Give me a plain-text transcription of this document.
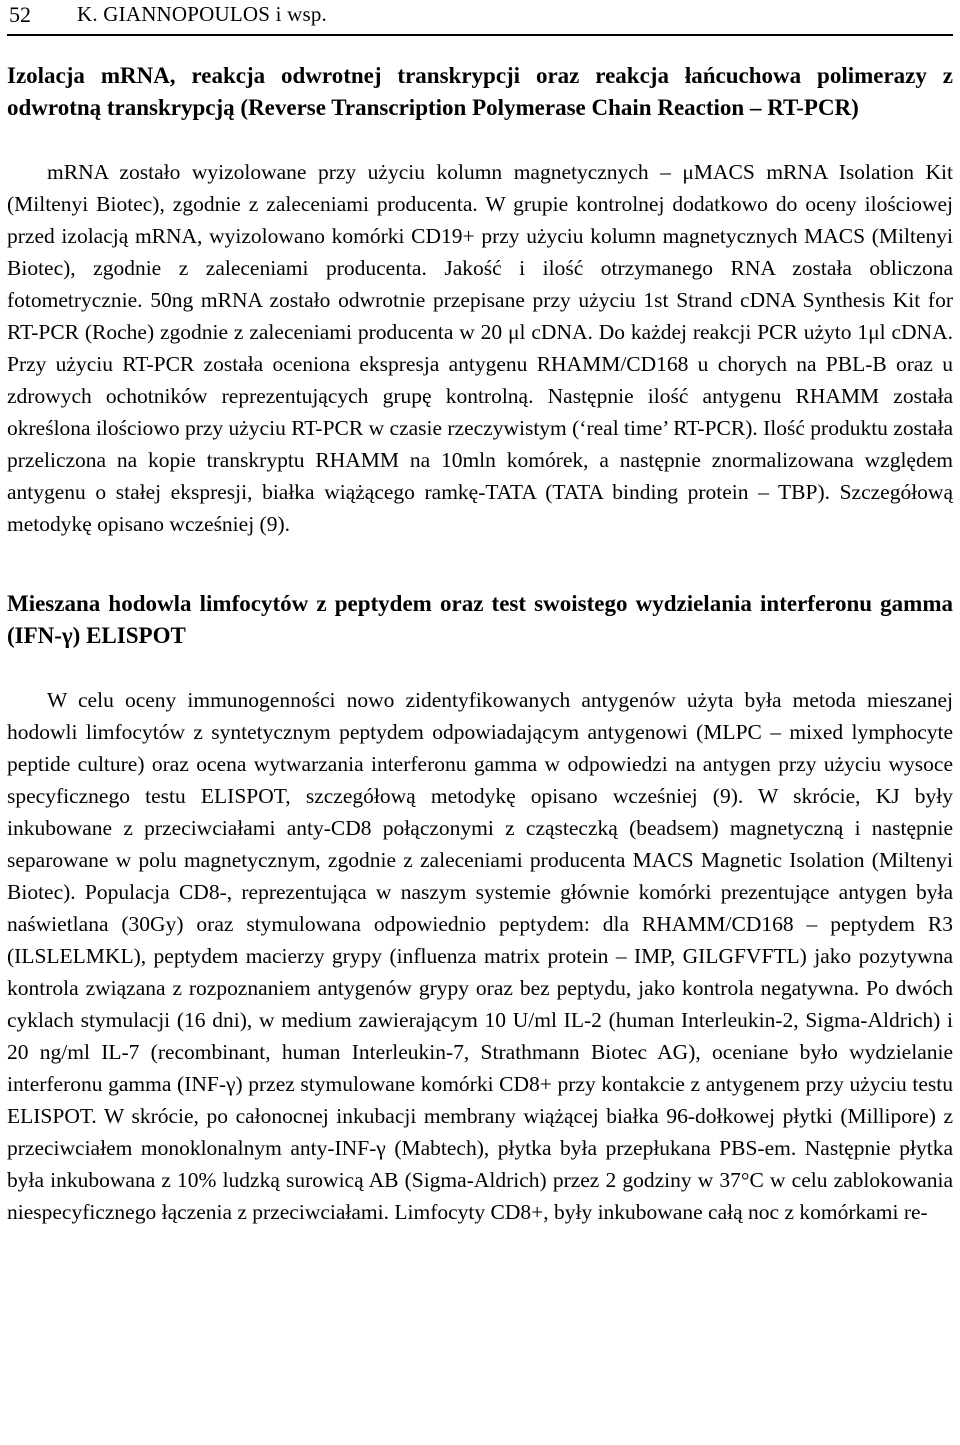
52 K. GIANNOPOULOS i wsp.
Izolacja mRNA, reakcja odwrotnej transkrypcji oraz reakcja łańcuchowa polimerazy z odwrotną transkrypcją (Reverse Transcription Polymerase Chain Reaction – RT-PCR)

mRNA zostało wyizolowane przy użyciu kolumn magnetycznych – μMACS mRNA Isolation Kit (Miltenyi Biotec), zgodnie z zaleceniami producenta. W grupie kontrolnej dodatkowo do oceny ilościowej przed izolacją mRNA, wyizolowano komórki CD19+ przy użyciu kolumn magnetycznych MACS (Miltenyi Biotec), zgodnie z zaleceniami producenta. Jakość i ilość otrzymanego RNA została obliczona fotometrycznie. 50ng mRNA zostało odwrotnie przepisane przy użyciu 1st Strand cDNA Synthesis Kit for RT-PCR (Roche) zgodnie z zaleceniami producenta w 20 μl cDNA. Do każdej reakcji PCR użyto 1μl cDNA. Przy użyciu RT-PCR została oceniona ekspresja antygenu RHAMM/CD168 u chorych na PBL-B oraz u zdrowych ochotników reprezentujących grupę kontrolną. Następnie ilość antygenu RHAMM została określona ilościowo przy użyciu RT-PCR w czasie rzeczywistym (‘real time’ RT-PCR). Ilość produktu została przeliczona na kopie transkryptu RHAMM na 10mln komórek, a następnie znormalizowana względem antygenu o stałej ekspresji, białka wiążącego ramkę-TATA (TATA binding protein – TBP). Szczegółową metodykę opisano wcześniej (9).

Mieszana hodowla limfocytów z peptydem oraz test swoistego wydzielania interferonu gamma (IFN-γ) ELISPOT

W celu oceny immunogenności nowo zidentyfikowanych antygenów użyta była metoda mieszanej hodowli limfocytów z syntetycznym peptydem odpowiadającym antygenowi (MLPC – mixed lymphocyte peptide culture) oraz ocena wytwarzania interferonu gamma w odpowiedzi na antygen przy użyciu wysoce specyficznego testu ELISPOT, szczegółową metodykę opisano wcześniej (9). W skrócie, KJ były inkubowane z przeciwciałami anty-CD8 połączonymi z cząsteczką (beadsem) magnetyczną i następnie separowane w polu magnetycznym, zgodnie z zaleceniami producenta MACS Magnetic Isolation (Miltenyi Biotec). Populacja CD8-, reprezentująca w naszym systemie głównie komórki prezentujące antygen była naświetlana (30Gy) oraz stymulowana odpowiednio peptydem: dla RHAMM/CD168 – peptydem R3 (ILSLELMKL), peptydem macierzy grypy (influenza matrix protein – IMP, GILGFVFTL) jako pozytywna kontrola związana z rozpoznaniem antygenów grypy oraz bez peptydu, jako kontrola negatywna. Po dwóch cyklach stymulacji (16 dni), w medium zawierającym 10 U/ml IL-2 (human Interleukin-2, Sigma-Aldrich) i 20 ng/ml IL-7 (recombinant, human Interleukin-7, Strathmann Biotec AG), oceniane było wydzielanie interferonu gamma (INF-γ) przez stymulowane komórki CD8+ przy kontakcie z antygenem przy użyciu testu ELISPOT. W skrócie, po całonocnej inkubacji membrany wiążącej białka 96-dołkowej płytki (Millipore) z przeciwciałem monoklonalnym anty-INF-γ (Mabtech), płytka była przepłukana PBS-em. Następnie płytka była inkubowana z 10% ludzką surowicą AB (Sigma-Aldrich) przez 2 godziny w 37°C w celu zablokowania niespecyficznego łączenia z przeciwciałami. Limfocyty CD8+, były inkubowane całą noc z komórkami re-
